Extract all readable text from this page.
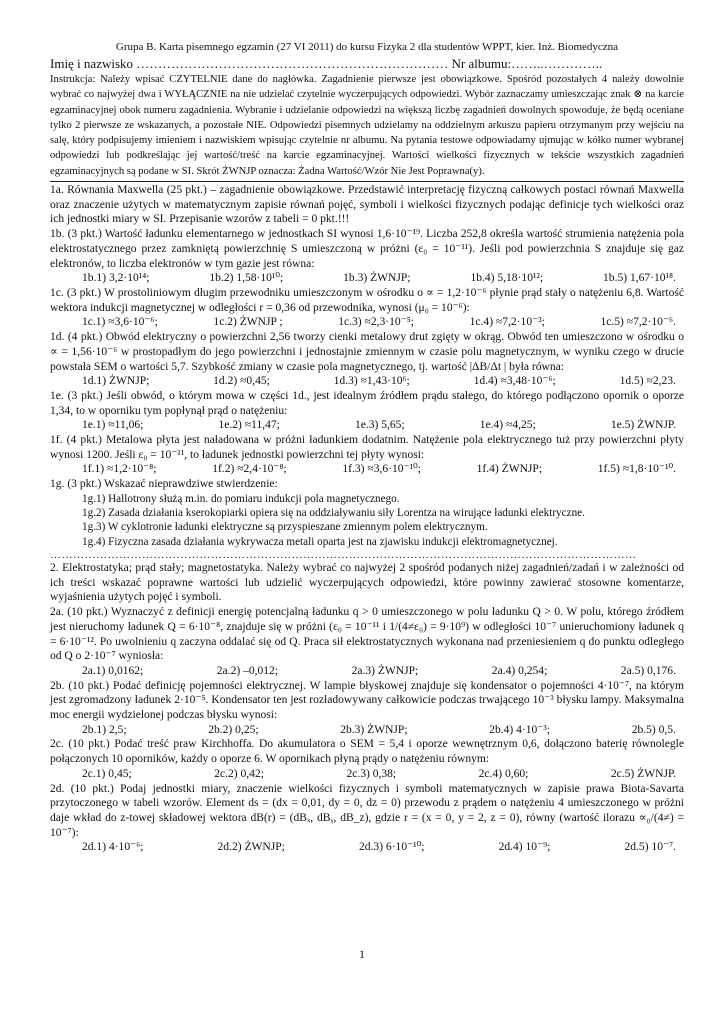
Grupa B. Karta pisemnego egzamin (27 VI 2011) do kursu Fizyka 2 dla studentów WPPT, kier. Inż. Biomedyczna
Imię i nazwisko ……………………………………………………………… Nr albumu:……..…………..
Instrukcja: Należy wpisać CZYTELNIE dane do nagłówka. Zagadnienie pierwsze jest obowiązkowe. Spośród pozostałych 4 należy dowolnie wybrać co najwyżej dwa i WYŁĄCZNIE na nie udzielać czytelnie wyczerpujących odpowiedzi. Wybór zaznaczamy umieszczając znak ⊗ na karcie egzaminacyjnej obok numeru zagadnienia. Wybranie i udzielanie odpowiedzi na większą liczbę zagadnień dowolnych spowoduje, że będą oceniane tylko 2 pierwsze ze wskazanych, a pozostałe NIE. Odpowiedzi pisemnych udzielamy na oddzielnym arkuszu papieru otrzymanym przy wejściu na salę, który podpisujemy imieniem i nazwiskiem wpisując czytelnie nr albumu. Na pytania testowe odpowiadamy ujmując w kółko numer wybranej odpowiedzi lub podkreślając jej wartość/treść na karcie egzaminacyjnej. Wartości wielkości fizycznych w tekście wszystkich zagadnień egzaminacyjnych są podane w SI. Skrót ŻWNJP oznacza: Żadna Wartość/Wzór Nie Jest Poprawna(y).

1a. Równania Maxwella (25 pkt.) – zagadnienie obowiązkowe. Przedstawić interpretację fizyczną całkowych postaci równań Maxwella oraz znaczenie użytych w matematycznym zapisie równań pojęć, symboli i wielkości fizycznych podając definicje tych wielkości oraz ich jednostki miary w SI. Przepisanie wzorów z tabeli = 0 pkt.!!!

1b. (3 pkt.) Wartość ładunku elementarnego w jednostkach SI wynosi 1,6·10⁻¹⁹. Liczba 252,8 określa wartość strumienia natężenia pola elektrostatycznego przez zamkniętą powierzchnię S umieszczoną w próżni (ε₀ = 10⁻¹¹). Jeśli pod powierzchnia S znajduje się gaz elektronów, to liczba elektronów w tym gazie jest równa:

1b.1) 3,2·10¹⁴;	1b.2) 1,58·10¹⁰;	1b.3) ŻWNJP;	1b.4) 5,18·10¹²;	1b.5) 1,67·10¹⁸.

1c. (3 pkt.) W prostoliniowym długim przewodniku umieszczonym w ośrodku o ∝ = 1,2·10⁻⁶ płynie prąd stały o natężeniu 6,8. Wartość wektora indukcji magnetycznej w odległości r = 0,36 od przewodnika, wynosi (μ₀ = 10⁻⁶):

1c.1) ≈3,6·10⁻⁶;	1c.2) ŻWNJP ;	1c.3) ≈2,3·10⁻⁵;	1c.4) ≈7,2·10⁻³;	1c.5) ≈7,2·10⁻⁶.

1d. (4 pkt.) Obwód elektryczny o powierzchni 2,56 tworzy cienki metalowy drut zgięty w okrąg. Obwód ten umieszczono w ośrodku o ∝ = 1,56·10⁻⁶ w prostopadłym do jego powierzchni i jednostajnie zmiennym w czasie polu magnetycznym, w wyniku czego w drucie powstała SEM o wartości 5,7. Szybkość zmiany w czasie pola magnetycznego, tj. wartość |ΔB/Δt | była równa:

1d.1) ŻWNJP;	1d.2) ≈0,45;	1d.3) ≈1,43·10⁶;	1d.4) ≈3,48·10⁻⁶;	1d.5) ≈2,23.

1e. (3 pkt.) Jeśli obwód, o którym mowa w części 1d., jest idealnym źródłem prądu stałego, do którego podłączono opornik o oporze 1,34, to w oporniku tym popłynął prąd o natężeniu:

1e.1) ≈11,06;	1e.2) ≈11,47;	1e.3) 5,65;	1e.4) ≈4,25;	1e.5) ŻWNJP.

1f. (4 pkt.) Metalowa płyta jest naładowana w próżni ładunkiem dodatnim. Natężenie pola elektrycznego tuż przy powierzchni płyty wynosi 1200. Jeśli ε₀ = 10⁻¹¹, to ładunek jednostki powierzchni tej płyty wynosi:

1f.1) ≈1,2·10⁻⁸;	1f.2) ≈2,4·10⁻⁸;	1f.3) ≈3,6·10⁻¹⁰;	1f.4) ŻWNJP;	1f.5) ≈1,8·10⁻¹⁰.

1g. (3 pkt.) Wskazać nieprawdziwe stwierdzenie:

1g.1) Hallotrony służą m.in. do pomiaru indukcji pola magnetycznego.
1g.2) Zasada działania kserokopiarki opiera się na oddziaływaniu siły Lorentza na wirujące ładunki elektryczne.
1g.3) W cyklotronie ładunki elektryczne są przyspieszane zmiennym polem elektrycznym.
1g.4) Fizyczna zasada działania wykrywacza metali oparta jest na zjawisku indukcji elektromagnetycznej.
………………………………………………………………………………………………………………………………………

2. Elektrostatyka; prąd stały; magnetostatyka. Należy wybrać co najwyżej 2 spośród podanych niżej zagadnień/zadań i w zależności od ich treści wskazać poprawne wartości lub udzielić wyczerpujących odpowiedzi, które powinny zawierać stosowne komentarze, wyjaśnienia użytych pojęć i symboli.

2a. (10 pkt.) Wyznaczyć z definicji energię potencjalną ładunku q > 0 umieszczonego w polu ładunku Q > 0. W polu, którego źródłem jest nieruchomy ładunek Q = 6·10⁻⁸, znajduje się w próżni (ε₀ = 10⁻¹¹ i 1/(4≠ε₀) = 9·10⁹) w odległości 10⁻⁷ unieruchomiony ładunek q = 6·10⁻¹². Po uwolnieniu q zaczyna oddalać się od Q. Praca sił elektrostatycznych wykonana nad przeniesieniem q do punktu odległego od Q o 2·10⁻⁷ wyniosła:

2a.1) 0,0162;	2a.2) –0,012;	2a.3) ŻWNJP;	2a.4) 0,254;	2a.5) 0,176.

2b. (10 pkt.) Podać definicję pojemności elektrycznej. W lampie błyskowej znajduje się kondensator o pojemności 4·10⁻⁷, na którym jest zgromadzony ładunek 2·10⁻⁵. Kondensator ten jest rozładowywany całkowicie podczas trwającego 10⁻³ błysku lampy. Maksymalna moc energii wydzielonej podczas błysku wynosi:

2b.1) 2,5;	2b.2) 0,25;	2b.3) ŻWNJP;	2b.4) 4·10⁻³;	2b.5) 0,5.

2c. (10 pkt.) Podać treść praw Kirchhoffa. Do akumulatora o SEM = 5,4 i oporze wewnętrznym 0,6, dołączono baterię równolegle połączonych 10 oporników, każdy o oporze 6. W opornikach płyną prądy o natężeniu równym:

2c.1) 0,45;	2c.2) 0,42;	2c.3) 0,38;	2c.4) 0,60;	2c.5) ŻWNJP.

2d. (10 pkt.) Podaj jednostki miary, znaczenie wielkości fizycznych i symboli matematycznych w zapisie prawa Biota-Savarta przytoczonego w tabeli wzorów. Element ds = (dx = 0,01, dy = 0, dz = 0) przewodu z prądem o natężeniu 4 umieszczonego w próżni daje wkład do z-towej składowej wektora dB(r) = (dBₓ, dBᵧ, dB_z), gdzie r = (x = 0, y = 2, z = 0), równy (wartość ilorazu ∝₀/(4≠) = 10⁻⁷):

2d.1) 4·10⁻⁶;	2d.2) ŻWNJP;	2d.3) 6·10⁻¹⁰;	2d.4) 10⁻⁹;	2d.5) 10⁻⁷.
1
